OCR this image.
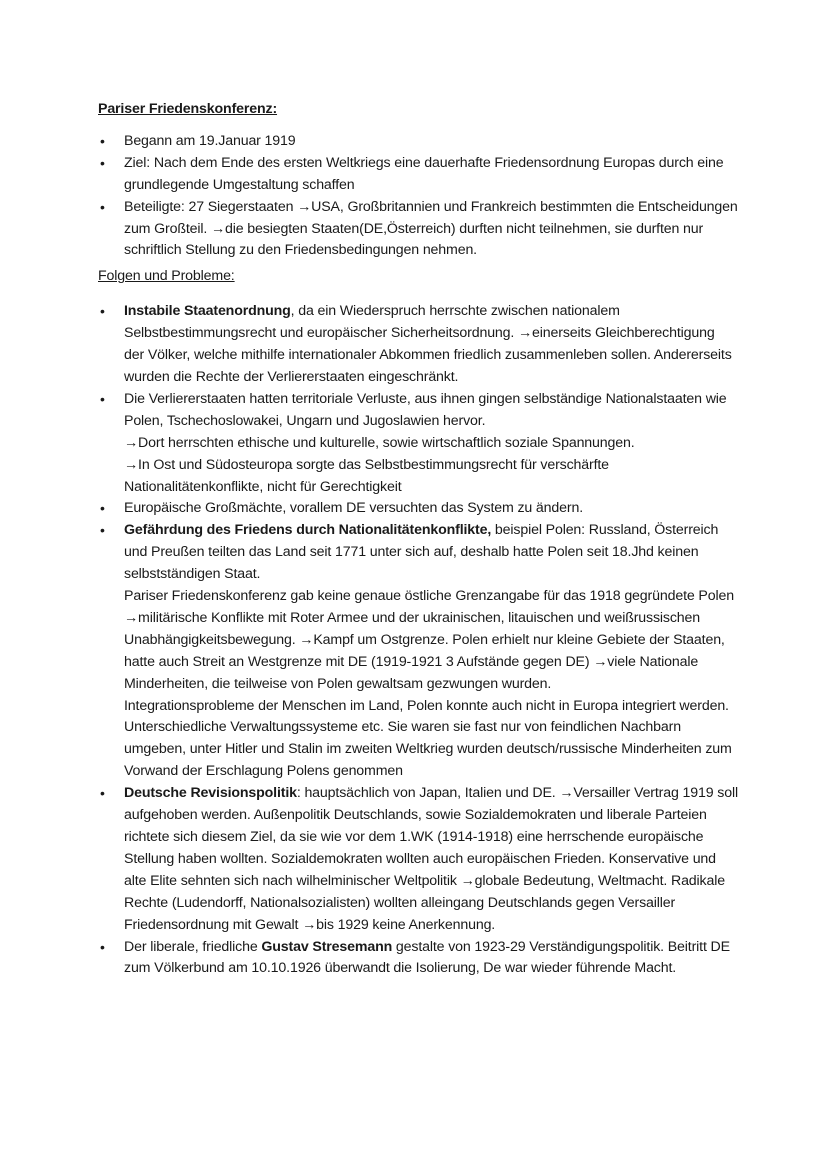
Pariser Friedenskonferenz:
• Begann am 19.Januar 1919
• Ziel: Nach dem Ende des ersten Weltkriegs eine dauerhafte Friedensordnung Europas durch eine grundlegende Umgestaltung schaffen
• Beteiligte: 27 Siegerstaaten →USA, Großbritannien und Frankreich bestimmten die Entscheidungen zum Großteil. →die besiegten Staaten(DE,Österreich) durften nicht teilnehmen, sie durften nur schriftlich Stellung zu den Friedensbedingungen nehmen.
Folgen und Probleme:
• Instabile Staatenordnung, da ein Wiederspruch herrschte zwischen nationalem Selbstbestimmungsrecht und europäischer Sicherheitsordnung. →einerseits Gleichberechtigung der Völker, welche mithilfe internationaler Abkommen friedlich zusammenleben sollen. Andererseits wurden die Rechte der Verliererstaaten eingeschränkt.
• Die Verliererstaaten hatten territoriale Verluste, aus ihnen gingen selbständige Nationalstaaten wie Polen, Tschechoslowakei, Ungarn und Jugoslawien hervor.
→Dort herrschten ethische und kulturelle, sowie wirtschaftlich soziale Spannungen.
→In Ost und Südosteuropa sorgte das Selbstbestimmungsrecht für verschärfte Nationalitätenkonflikte, nicht für Gerechtigkeit
• Europäische Großmächte, vorallem DE versuchten das System zu ändern.
• Gefährdung des Friedens durch Nationalitätenkonflikte, beispiel Polen: Russland, Österreich und Preußen teilten das Land seit 1771 unter sich auf, deshalb hatte Polen seit 18.Jhd keinen selbstständigen Staat.
Pariser Friedenskonferenz gab keine genaue östliche Grenzangabe für das 1918 gegründete Polen →militärische Konflikte mit Roter Armee und der ukrainischen, litauischen und weißrussischen Unabhängigkeitsbewegung. →Kampf um Ostgrenze. Polen erhielt nur kleine Gebiete der Staaten, hatte auch Streit an Westgrenze mit DE (1919-1921 3 Aufstände gegen DE) →viele Nationale Minderheiten, die teilweise von Polen gewaltsam gezwungen wurden.
Integrationsprobleme der Menschen im Land, Polen konnte auch nicht in Europa integriert werden. Unterschiedliche Verwaltungssysteme etc. Sie waren sie fast nur von feindlichen Nachbarn umgeben, unter Hitler und Stalin im zweiten Weltkrieg wurden deutsch/russische Minderheiten zum Vorwand der Erschlagung Polens genommen
• Deutsche Revisionspolitik: hauptsächlich von Japan, Italien und DE. →Versailler Vertrag 1919 soll aufgehoben werden. Außenpolitik Deutschlands, sowie Sozialdemokraten und liberale Parteien richtete sich diesem Ziel, da sie wie vor dem 1.WK (1914-1918) eine herrschende europäische Stellung haben wollten. Sozialdemokraten wollten auch europäischen Frieden. Konservative und alte Elite sehnten sich nach wilhelminischer Weltpolitik →globale Bedeutung, Weltmacht. Radikale Rechte (Ludendorff, Nationalsozialisten) wollten alleingang Deutschlands gegen Versailler Friedensordnung mit Gewalt →bis 1929 keine Anerkennung.
• Der liberale, friedliche Gustav Stresemann gestalte von 1923-29 Verständigungspolitik. Beitritt DE zum Völkerbund am 10.10.1926 überwandt die Isolierung, De war wieder führende Macht.
